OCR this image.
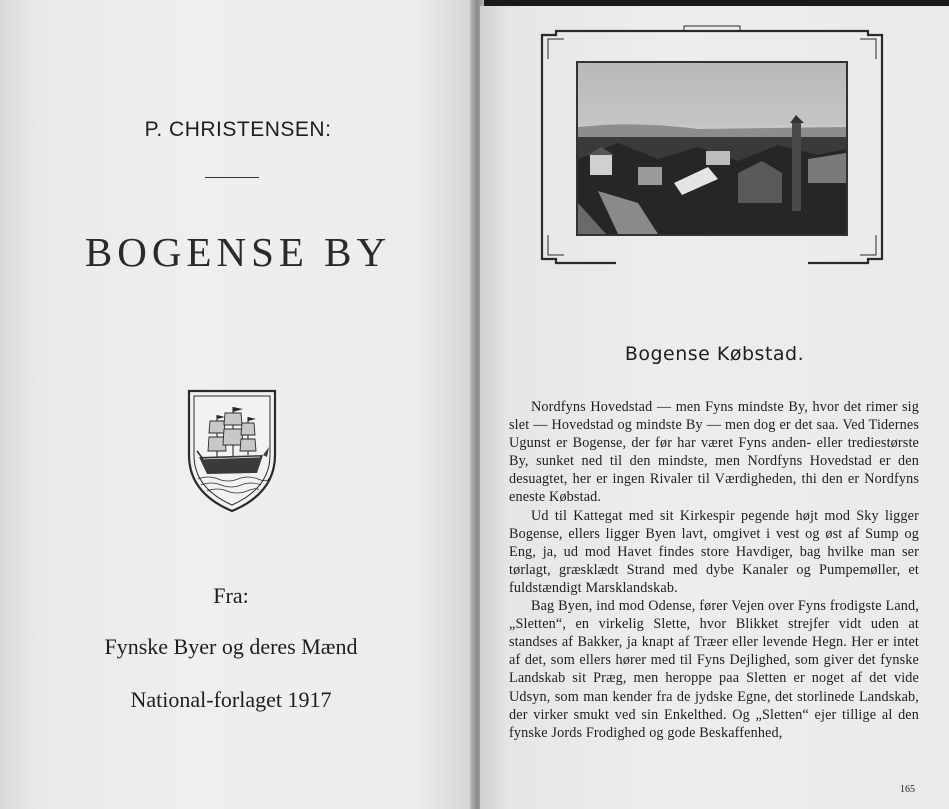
P. CHRISTENSEN:
BOGENSE BY
Fra:
Fynske Byer og deres Mænd
National-forlaget 1917
Bogense Købstad.

Nordfyns Hovedstad — men Fyns mindste By, hvor det rimer sig slet — Hovedstad og mindste By — men dog er det saa. Ved Tidernes Ugunst er Bogense, der før har været Fyns anden- eller trediestørste By, sunket ned til den mindste, men Nordfyns Hovedstad er den desuagtet, her er ingen Rivaler til Værdigheden, thi den er Nordfyns eneste Købstad.

Ud til Kattegat med sit Kirkespir pegende højt mod Sky ligger Bogense, ellers ligger Byen lavt, omgivet i vest og øst af Sump og Eng, ja, ud mod Havet findes store Havdiger, bag hvilke man ser tørlagt, græsklædt Strand med dybe Kanaler og Pumpemøller, et fuldstændigt Marsklandskab.

Bag Byen, ind mod Odense, fører Vejen over Fyns frodigste Land, „Sletten“, en virkelig Slette, hvor Blikket strejfer vidt uden at standses af Bakker, ja knapt af Træer eller levende Hegn. Her er intet af det, som ellers hører med til Fyns Dejlighed, som giver det fynske Landskab sit Præg, men heroppe paa Sletten er noget af det vide Udsyn, som man kender fra de jydske Egne, det storlinede Landskab, der virker smukt ved sin Enkelthed. Og „Sletten“ ejer tillige al den fynske Jords Frodighed og gode Beskaffenhed,

165
